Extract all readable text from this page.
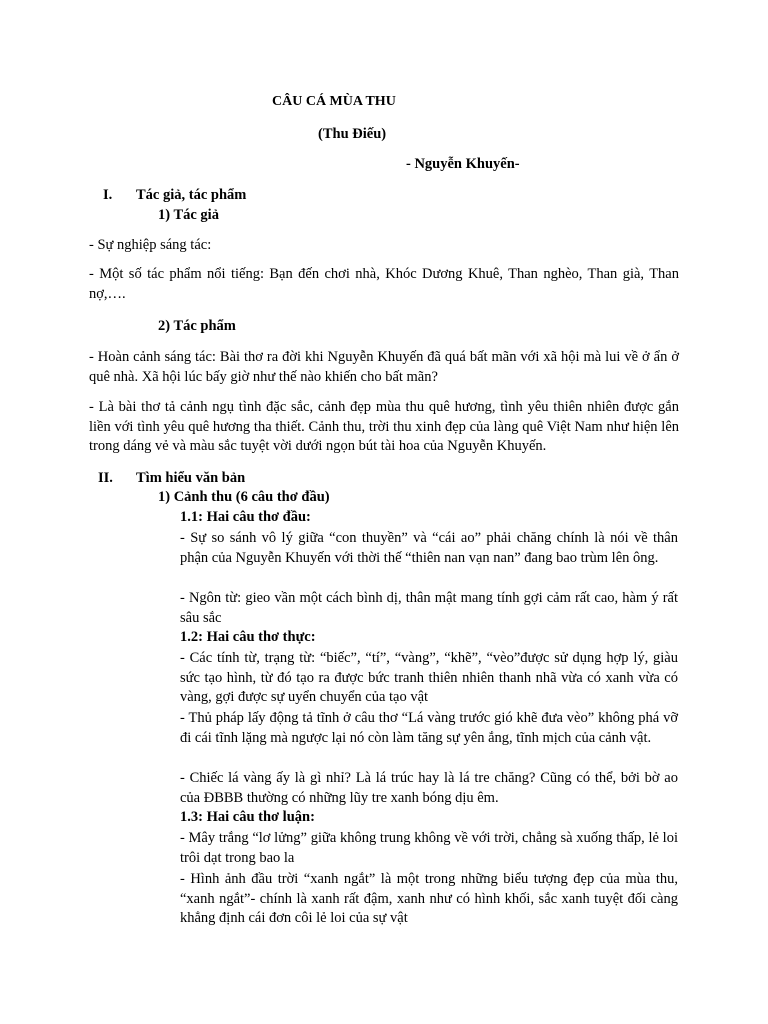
CÂU CÁ MÙA THU
(Thu Điếu)
- Nguyễn Khuyến-
I. Tác giả, tác phẩm
1) Tác giả
- Sự nghiệp sáng tác:
- Một số tác phẩm nổi tiếng: Bạn đến chơi nhà, Khóc Dương Khuê, Than nghèo, Than già, Than nợ,….
2) Tác phẩm
- Hoàn cảnh sáng tác: Bài thơ ra đời khi Nguyễn Khuyến đã quá bất mãn với xã hội mà lui về ở ẩn ở quê nhà. Xã hội lúc bấy giờ như thế nào khiến cho bất mãn?
- Là bài thơ tả cảnh ngụ tình đặc sắc, cảnh đẹp mùa thu quê hương, tình yêu thiên nhiên được gắn liền với tình yêu quê hương tha thiết. Cảnh thu, trời thu xinh đẹp của làng quê Việt Nam như hiện lên trong dáng vẻ và màu sắc tuyệt vời dưới ngọn bút tài hoa của Nguyễn Khuyến.
II. Tìm hiểu văn bản
1) Cảnh thu (6 câu thơ đầu)
1.1: Hai câu thơ đầu:
- Sự so sánh vô lý giữa “con thuyền” và “cái ao” phải chăng chính là nói về thân phận của Nguyễn Khuyến với thời thế “thiên nan vạn nan” đang bao trùm lên ông.
- Ngôn từ: gieo vần một cách bình dị, thân mật mang tính gợi cảm rất cao, hàm ý rất sâu sắc
1.2: Hai câu thơ thực:
- Các tính từ, trạng từ: “biếc”, “tí”, “vàng”, “khẽ”, “vèo”được sử dụng hợp lý, giàu sức tạo hình, từ đó tạo ra được bức tranh thiên nhiên thanh nhã vừa có xanh vừa có vàng, gợi được sự uyển chuyển của tạo vật
- Thủ pháp lấy động tả tĩnh ở câu thơ “Lá vàng trước gió khẽ đưa vèo” không phá vỡ đi cái tĩnh lặng mà ngược lại nó còn làm tăng sự yên ắng, tĩnh mịch của cảnh vật.
- Chiếc lá vàng ấy là gì nhỉ? Là lá trúc hay là lá tre chăng? Cũng có thể, bởi bờ ao của ĐBBB thường có những lũy tre xanh bóng dịu êm.
1.3: Hai câu thơ luận:
- Mây trắng “lơ lửng” giữa không trung không về với trời, chẳng sà xuống thấp, lẻ loi trôi dạt trong bao la
- Hình ảnh đầu trời “xanh ngắt” là một trong những biểu tượng đẹp của mùa thu, “xanh ngắt”- chính là xanh rất đậm, xanh như có hình khối, sắc xanh tuyệt đối càng khẳng định cái đơn côi lẻ loi của sự vật
